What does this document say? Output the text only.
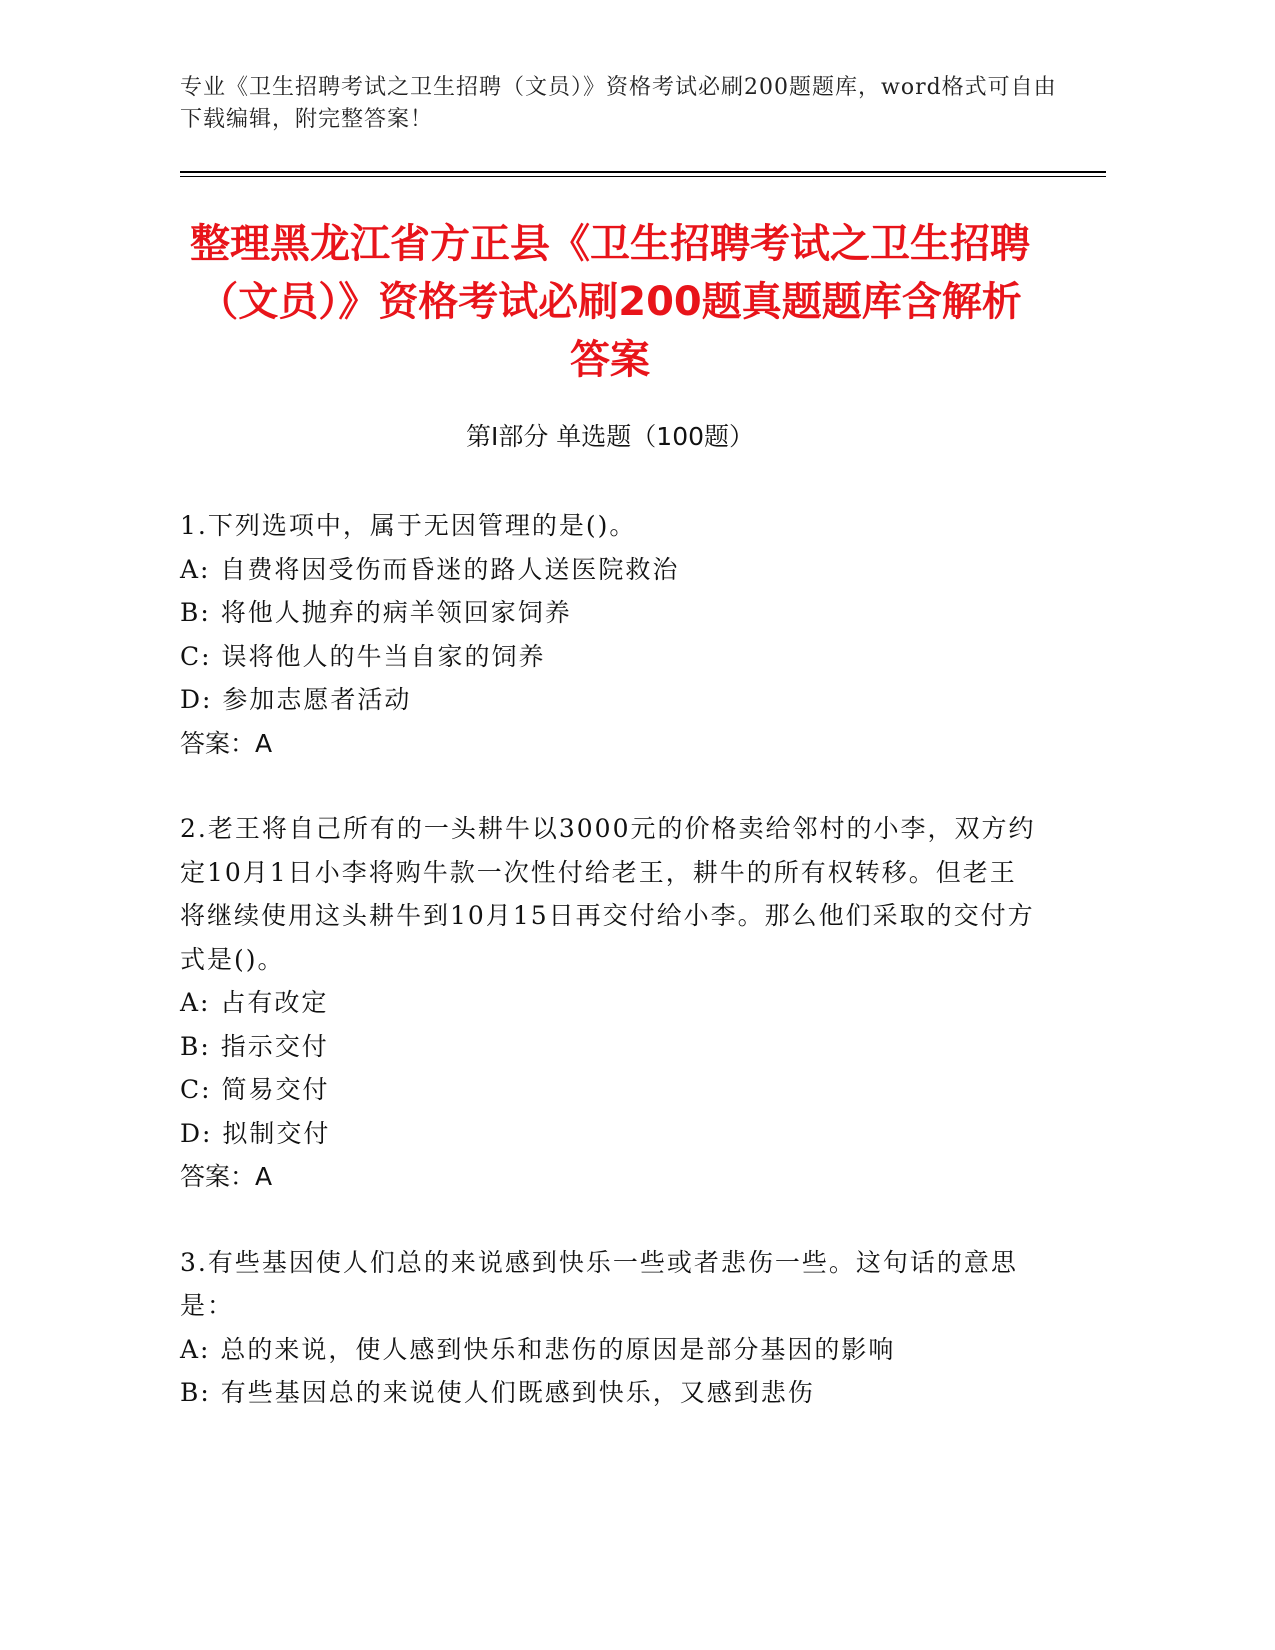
专业《卫生招聘考试之卫生招聘（文员）》资格考试必刷200题题库，word格式可自由下载编辑，附完整答案！
整理黑龙江省方正县《卫生招聘考试之卫生招聘（文员）》资格考试必刷200题真题题库含解析答案
第Ⅰ部分 单选题（100题）

1.下列选项中，属于无因管理的是()。

A: 自费将因受伤而昏迷的路人送医院救治

B: 将他人抛弃的病羊领回家饲养

C: 误将他人的牛当自家的饲养

D: 参加志愿者活动

答案：A

2.老王将自己所有的一头耕牛以3000元的价格卖给邻村的小李，双方约定10月1日小李将购牛款一次性付给老王，耕牛的所有权转移。但老王将继续使用这头耕牛到10月15日再交付给小李。那么他们采取的交付方式是()。

A: 占有改定

B: 指示交付

C: 简易交付

D: 拟制交付

答案：A

3.有些基因使人们总的来说感到快乐一些或者悲伤一些。这句话的意思是：

A: 总的来说，使人感到快乐和悲伤的原因是部分基因的影响

B: 有些基因总的来说使人们既感到快乐，又感到悲伤
